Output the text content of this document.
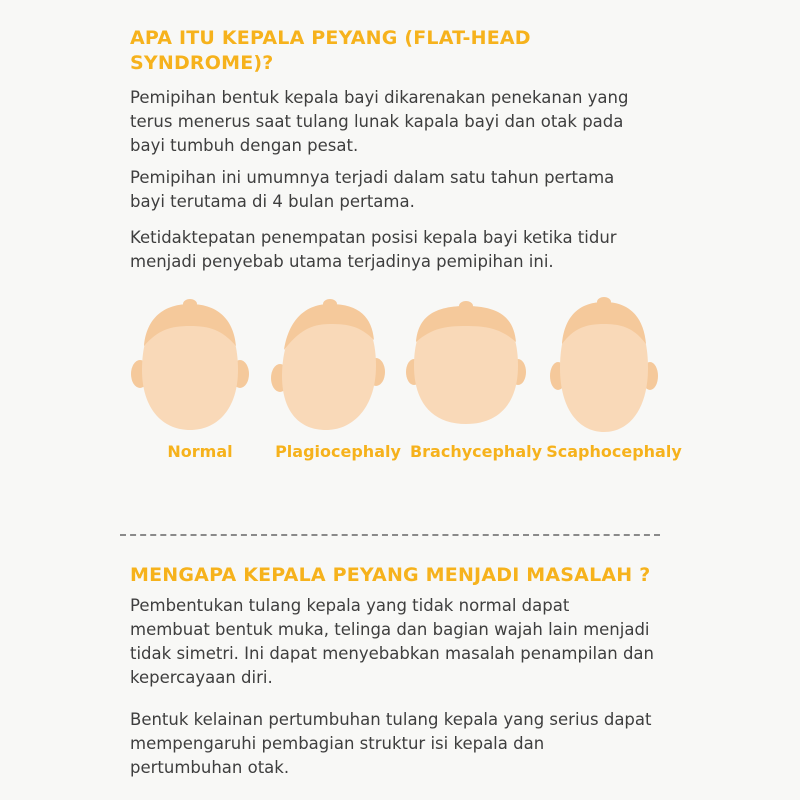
APA ITU KEPALA PEYANG (FLAT-HEAD
SYNDROME)?

Pemipihan bentuk kepala bayi dikarenakan penekanan yang
terus menerus saat tulang lunak kapala bayi dan otak pada
bayi tumbuh dengan pesat.

Pemipihan ini umumnya terjadi dalam satu tahun pertama
bayi terutama di 4 bulan pertama.

Ketidaktepatan penempatan posisi kepala bayi ketika tidur
menjadi penyebab utama terjadinya pemipihan ini.

Normal	Plagiocephaly Brachycephaly Scaphocephaly
MENGAPA KEPALA PEYANG MENJADI MASALAH ?

Pembentukan tulang kepala yang tidak normal dapat
membuat bentuk muka, telinga dan bagian wajah lain menjadi
tidak simetri. Ini dapat menyebabkan masalah penampilan dan
kepercayaan diri.

Bentuk kelainan pertumbuhan tulang kepala yang serius dapat
mempengaruhi pembagian struktur isi kepala dan
pertumbuhan otak.
